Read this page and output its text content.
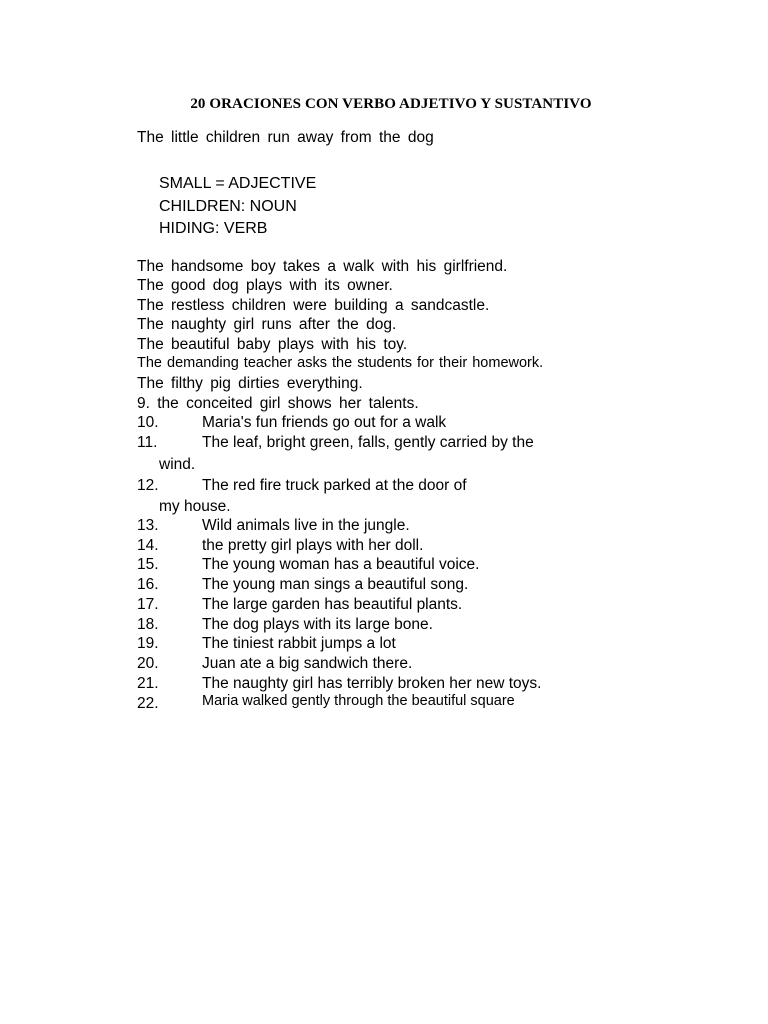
20 ORACIONES CON VERBO ADJETIVO Y SUSTANTIVO
The little children run away from the dog
SMALL = ADJECTIVE
CHILDREN: NOUN
HIDING: VERB
The handsome boy takes a walk with his girlfriend.
The good dog plays with its owner.
The restless children were building a sandcastle.
The naughty girl runs after the dog.
The beautiful baby plays with his toy.
The demanding teacher asks the students for their homework.
The filthy pig dirties everything.
9. the conceited girl shows her talents.
10.	Maria's fun friends go out for a walk
11.	The leaf, bright green, falls, gently carried by the
wind.
12.	The red fire truck parked at the door of
my house.
13.	Wild animals live in the jungle.
14.	the pretty girl plays with her doll.
15.	The young woman has a beautiful voice.
16.	The young man sings a beautiful song.
17.	The large garden has beautiful plants.
18.	The dog plays with its large bone.
19.	The tiniest rabbit jumps a lot
20.	Juan ate a big sandwich there.
21.	The naughty girl has terribly broken her new toys.
22.	Maria walked gently through the beautiful square
